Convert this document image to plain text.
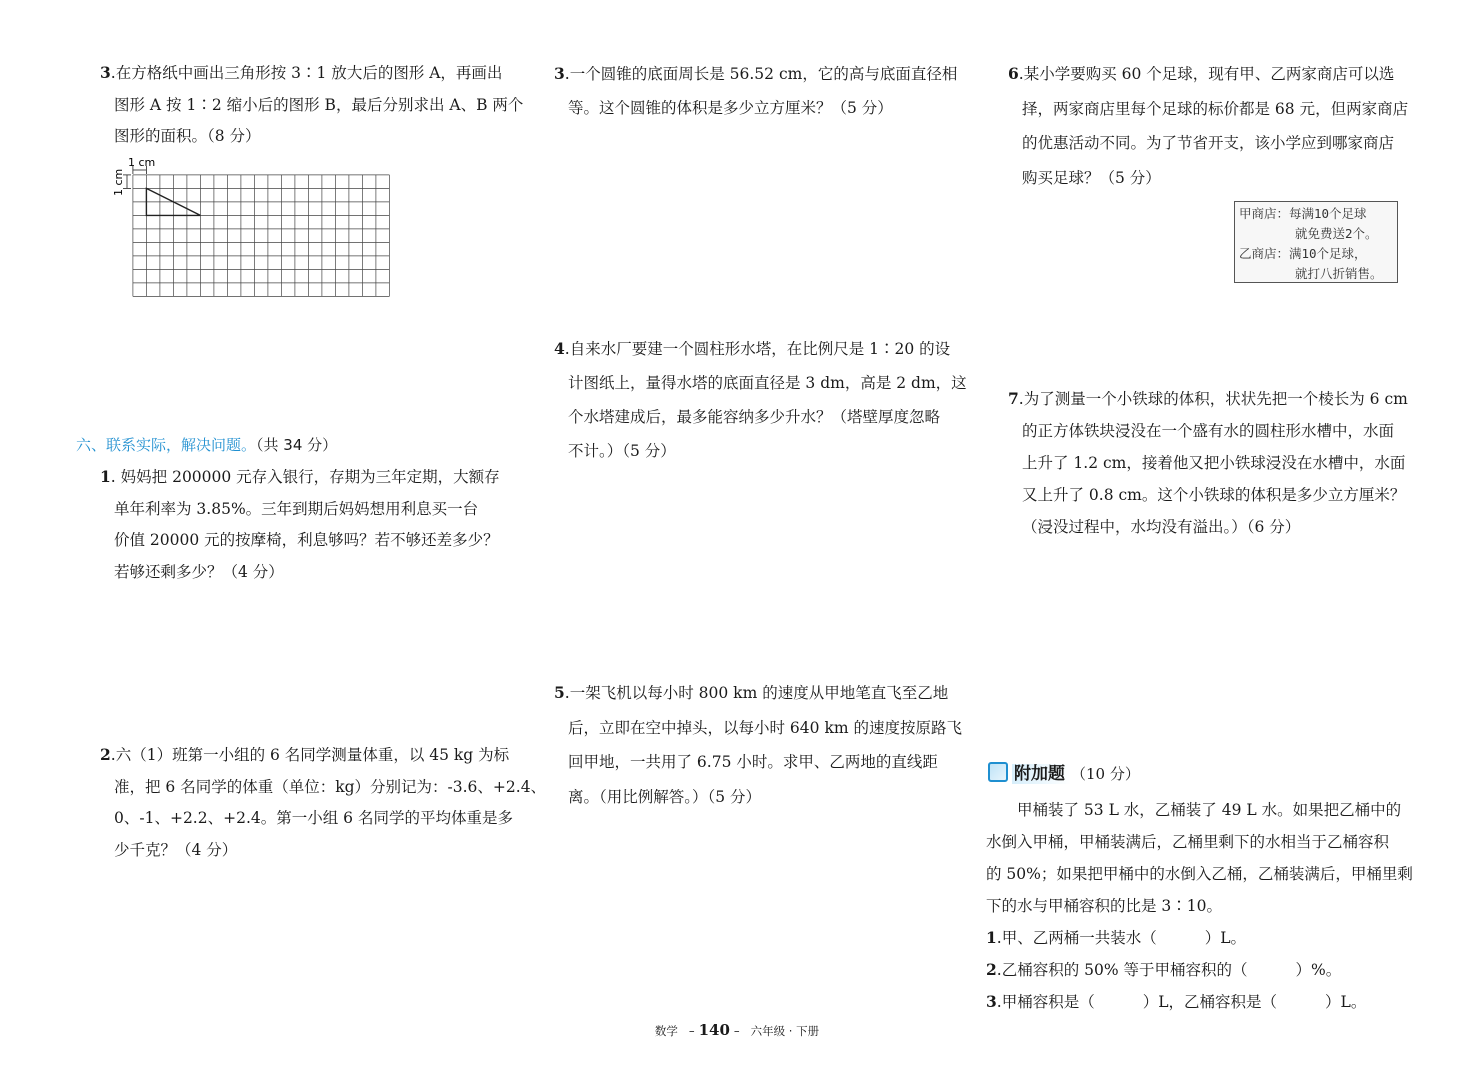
3.在方格纸中画出三角形按 3∶1 放大后的图形 A，再画出
图形 A 按 1∶2 缩小后的图形 B，最后分别求出 A、B 两个
图形的面积。（8 分）
1 cm
1 cm
六、联系实际，解决问题。（共 34 分）
1. 妈妈把 200000 元存入银行，存期为三年定期，大额存
单年利率为 3.85%。三年到期后妈妈想用利息买一台
价值 20000 元的按摩椅，利息够吗？若不够还差多少？
若够还剩多少？（4 分）
2.六（1）班第一小组的 6 名同学测量体重，以 45 kg 为标
准，把 6 名同学的体重（单位：kg）分别记为：-3.6、+2.4、
0、-1、+2.2、+2.4。第一小组 6 名同学的平均体重是多
少千克？（4 分）
3.一个圆锥的底面周长是 56.52 cm，它的高与底面直径相
等。这个圆锥的体积是多少立方厘米？（5 分）
4.自来水厂要建一个圆柱形水塔，在比例尺是 1∶20 的设
计图纸上，量得水塔的底面直径是 3 dm，高是 2 dm，这
个水塔建成后，最多能容纳多少升水？（塔壁厚度忽略
不计。）（5 分）
5.一架飞机以每小时 800 km 的速度从甲地笔直飞至乙地
后，立即在空中掉头，以每小时 640 km 的速度按原路飞
回甲地，一共用了 6.75 小时。求甲、乙两地的直线距
离。（用比例解答。）（5 分）
6.某小学要购买 60 个足球，现有甲、乙两家商店可以选
择，两家商店里每个足球的标价都是 68 元，但两家商店
的优惠活动不同。为了节省开支，该小学应到哪家商店
购买足球？（5 分）
甲商店：每满10个足球
就免费送2个。
乙商店：满10个足球，
就打八折销售。
7.为了测量一个小铁球的体积，状状先把一个棱长为 6 cm
的正方体铁块浸没在一个盛有水的圆柱形水槽中，水面
上升了 1.2 cm，接着他又把小铁球浸没在水槽中，水面
又上升了 0.8 cm。这个小铁球的体积是多少立方厘米？
（浸没过程中，水均没有溢出。）（6 分）
附加题 （10 分）
甲桶装了 53 L 水，乙桶装了 49 L 水。如果把乙桶中的
水倒入甲桶，甲桶装满后，乙桶里剩下的水相当于乙桶容积
的 50%；如果把甲桶中的水倒入乙桶，乙桶装满后，甲桶里剩
下的水与甲桶容积的比是 3∶10。
1.甲、乙两桶一共装水（	）L。
2.乙桶容积的 50% 等于甲桶容积的（	）%。
3.甲桶容积是（	）L，乙桶容积是（	）L。
数学   – 140 –   六年级 · 下册
